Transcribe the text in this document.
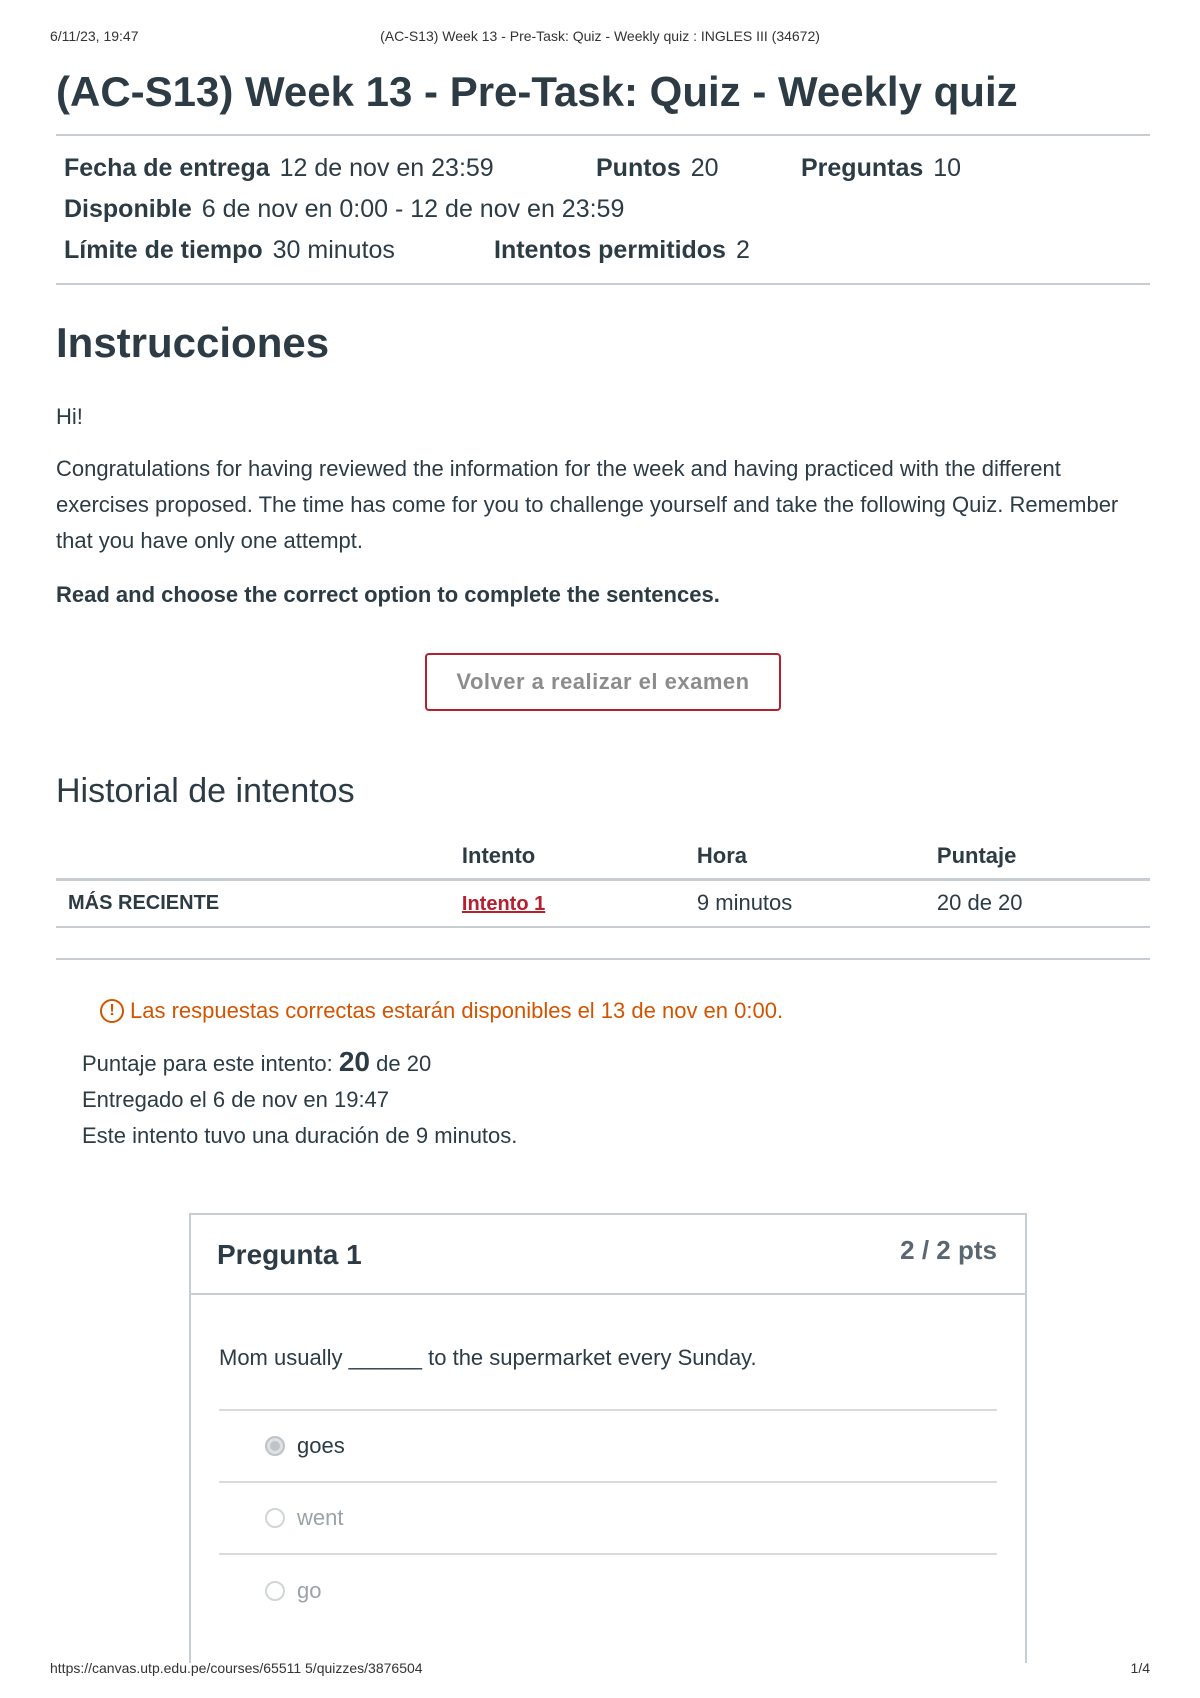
6/11/23, 19:47	(AC-S13) Week 13 - Pre-Task: Quiz - Weekly quiz : INGLES III (34672)
(AC-S13) Week 13 - Pre-Task: Quiz - Weekly quiz
Fecha de entrega 12 de nov en 23:59	Puntos 20	Preguntas 10
Disponible 6 de nov en 0:00 - 12 de nov en 23:59
Límite de tiempo 30 minutos	Intentos permitidos 2
Instrucciones

Hi!

Congratulations for having reviewed the information for the week and having practiced with the different exercises proposed. The time has come for you to challenge yourself and take the following Quiz. Remember that you have only one attempt.

Read and choose the correct option to complete the sentences.

Volver a realizar el examen
Historial de intentos
	Intento	Hora	Puntaje
MÁS RECIENTE	Intento 1	9 minutos	20 de 20
! Las respuestas correctas estarán disponibles el 13 de nov en 0:00.
Puntaje para este intento: 20 de 20
Entregado el 6 de nov en 19:47
Este intento tuvo una duración de 9 minutos.
Pregunta 1	2 / 2 pts
Mom usually ______ to the supermarket every Sunday.
goes
went
go
https://canvas.utp.edu.pe/courses/65511 5/quizzes/3876504	1/4
